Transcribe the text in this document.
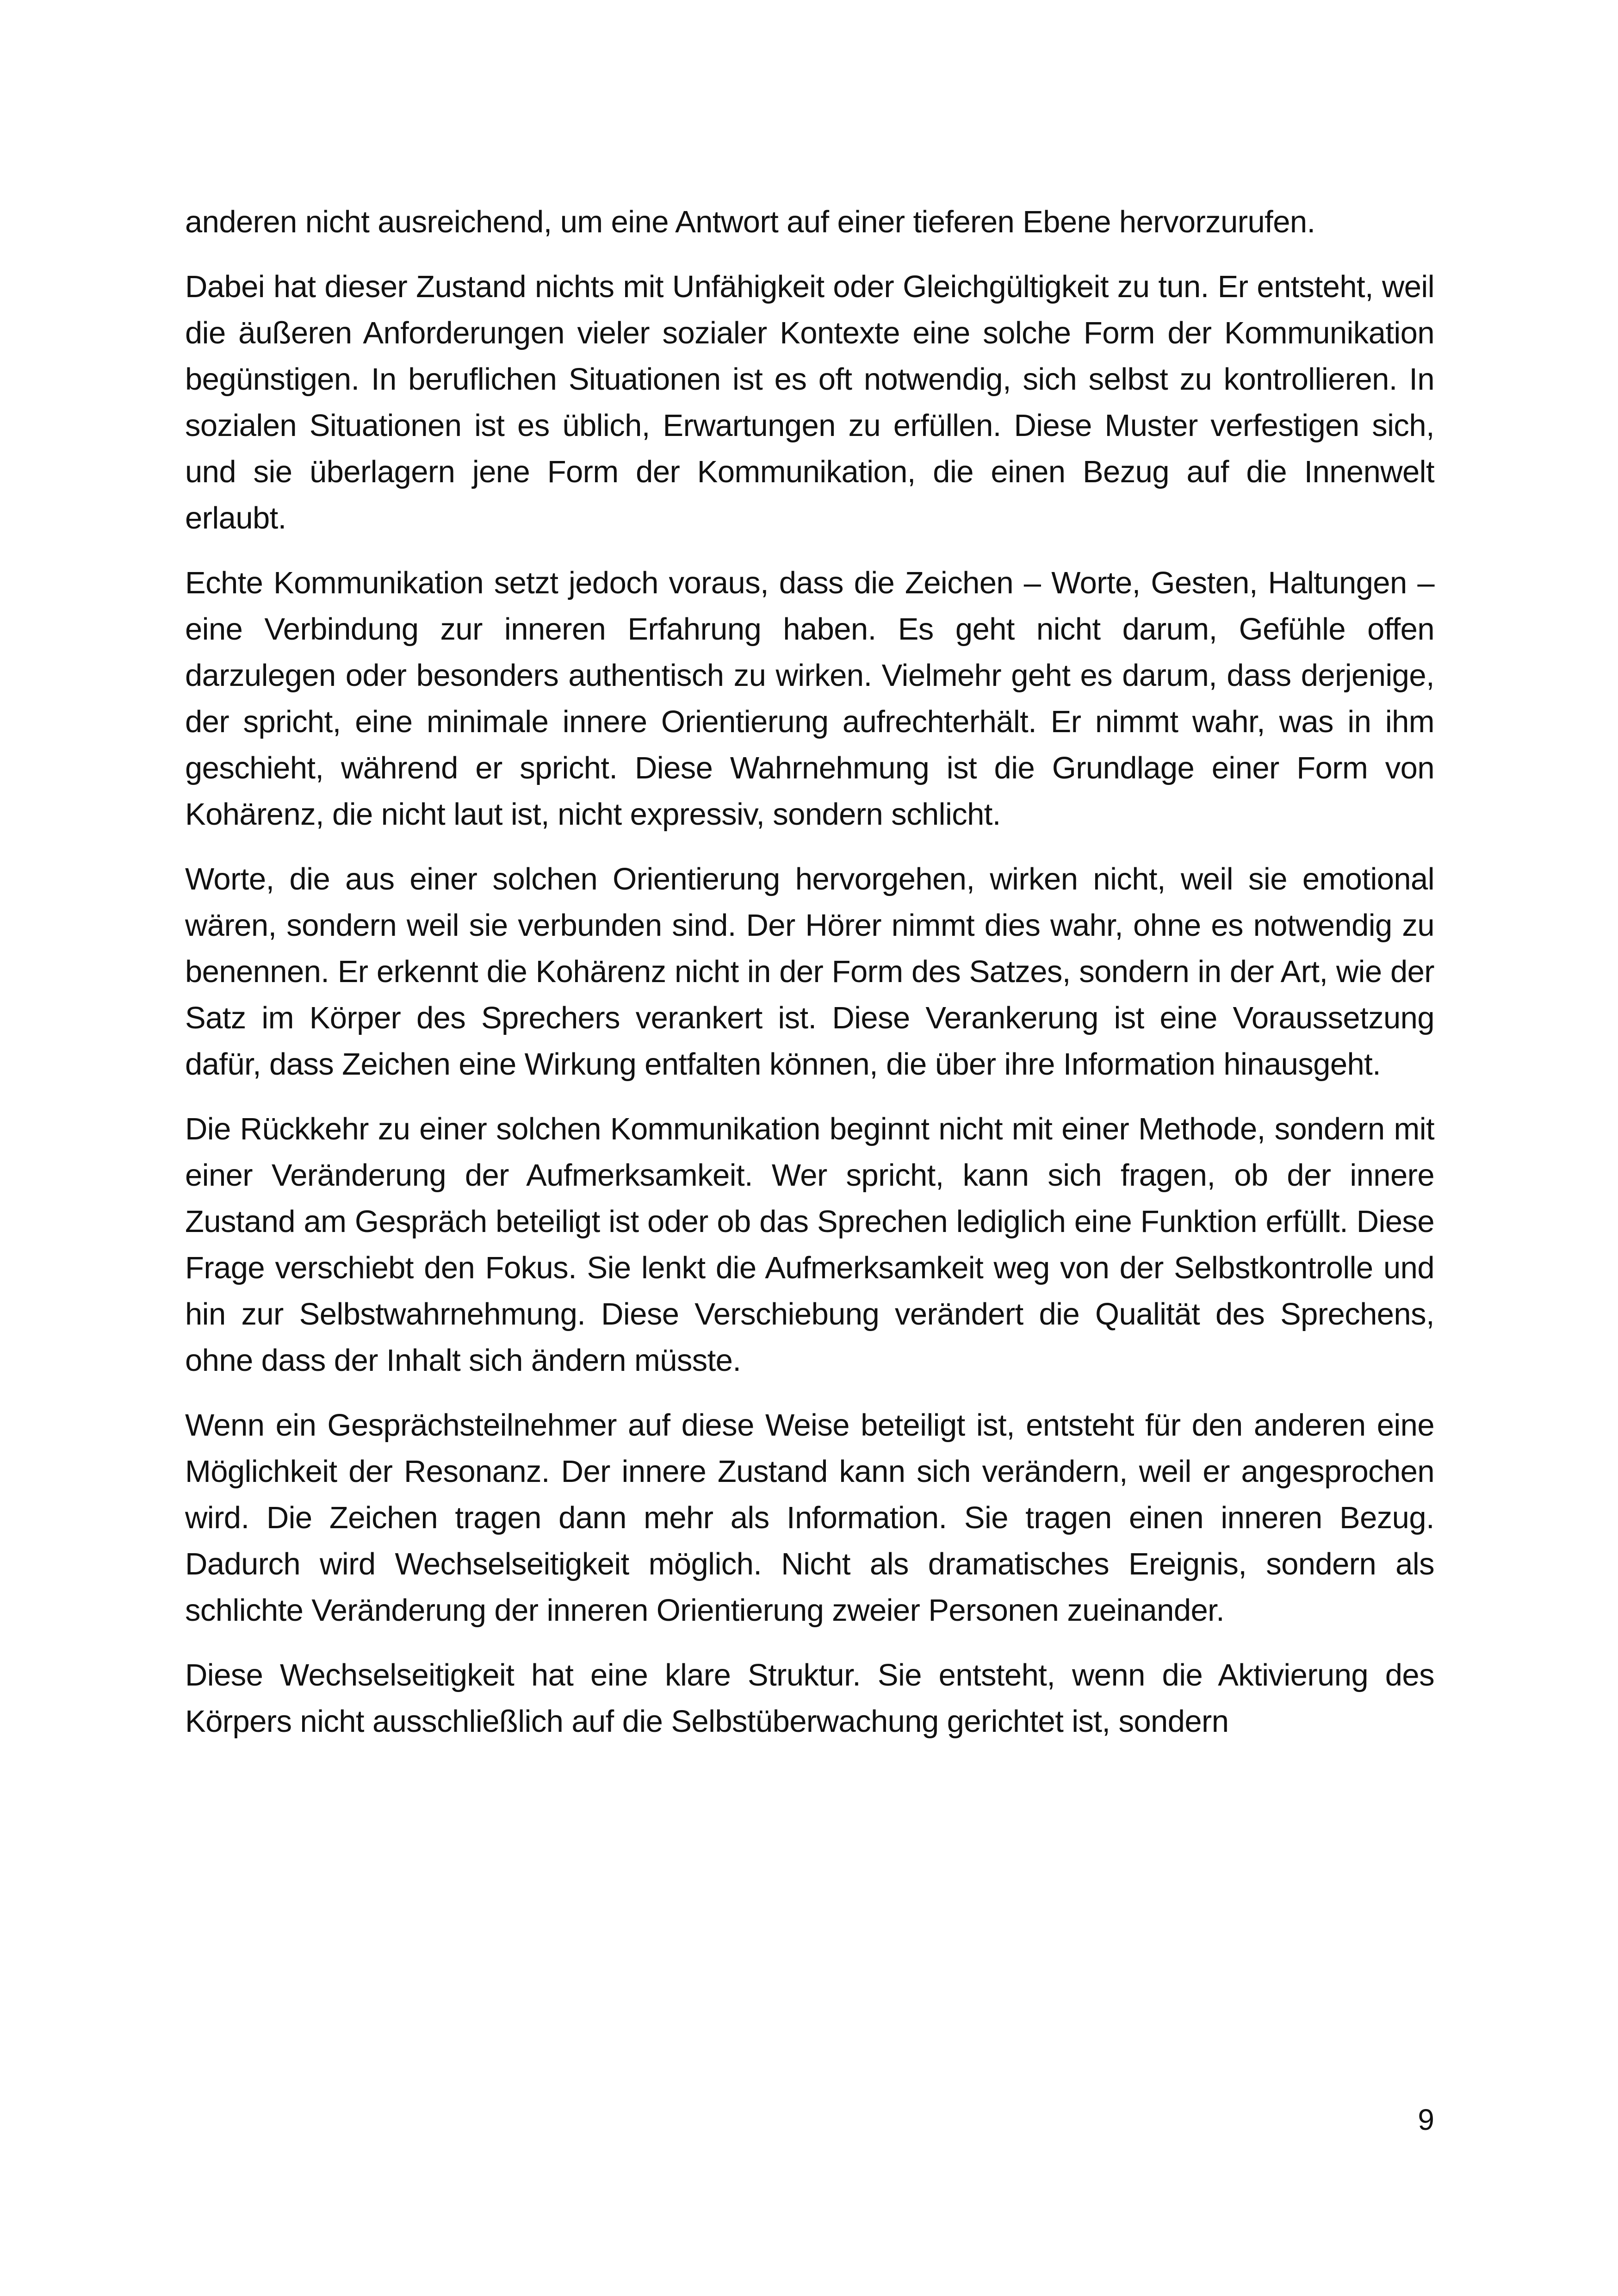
anderen nicht ausreichend, um eine Antwort auf einer tieferen Ebene hervorzurufen.

Dabei hat dieser Zustand nichts mit Unfähigkeit oder Gleichgültigkeit zu tun. Er entsteht, weil die äußeren Anforderungen vieler sozialer Kontexte eine solche Form der Kommunikation begünstigen. In beruflichen Situationen ist es oft notwendig, sich selbst zu kontrollieren. In sozialen Situationen ist es üblich, Erwartungen zu erfüllen. Diese Muster verfestigen sich, und sie überlagern jene Form der Kommunikation, die einen Bezug auf die Innenwelt erlaubt.

Echte Kommunikation setzt jedoch voraus, dass die Zeichen – Worte, Gesten, Haltungen – eine Verbindung zur inneren Erfahrung haben. Es geht nicht darum, Gefühle offen darzulegen oder besonders authentisch zu wirken. Vielmehr geht es darum, dass derjenige, der spricht, eine minimale innere Orientierung aufrechterhält. Er nimmt wahr, was in ihm geschieht, während er spricht. Diese Wahrnehmung ist die Grundlage einer Form von Kohärenz, die nicht laut ist, nicht expressiv, sondern schlicht.

Worte, die aus einer solchen Orientierung hervorgehen, wirken nicht, weil sie emotional wären, sondern weil sie verbunden sind. Der Hörer nimmt dies wahr, ohne es notwendig zu benennen. Er erkennt die Kohärenz nicht in der Form des Satzes, sondern in der Art, wie der Satz im Körper des Sprechers verankert ist. Diese Verankerung ist eine Voraussetzung dafür, dass Zeichen eine Wirkung entfalten können, die über ihre Information hinausgeht.

Die Rückkehr zu einer solchen Kommunikation beginnt nicht mit einer Methode, sondern mit einer Veränderung der Aufmerksamkeit. Wer spricht, kann sich fragen, ob der innere Zustand am Gespräch beteiligt ist oder ob das Sprechen lediglich eine Funktion erfüllt. Diese Frage verschiebt den Fokus. Sie lenkt die Aufmerksamkeit weg von der Selbstkontrolle und hin zur Selbstwahrnehmung. Diese Verschiebung verändert die Qualität des Sprechens, ohne dass der Inhalt sich ändern müsste.

Wenn ein Gesprächsteilnehmer auf diese Weise beteiligt ist, entsteht für den anderen eine Möglichkeit der Resonanz. Der innere Zustand kann sich verändern, weil er angesprochen wird. Die Zeichen tragen dann mehr als Information. Sie tragen einen inneren Bezug. Dadurch wird Wechselseitigkeit möglich. Nicht als dramatisches Ereignis, sondern als schlichte Veränderung der inneren Orientierung zweier Personen zueinander.

Diese Wechselseitigkeit hat eine klare Struktur. Sie entsteht, wenn die Aktivierung des Körpers nicht ausschließlich auf die Selbstüberwachung gerichtet ist, sondern

9
